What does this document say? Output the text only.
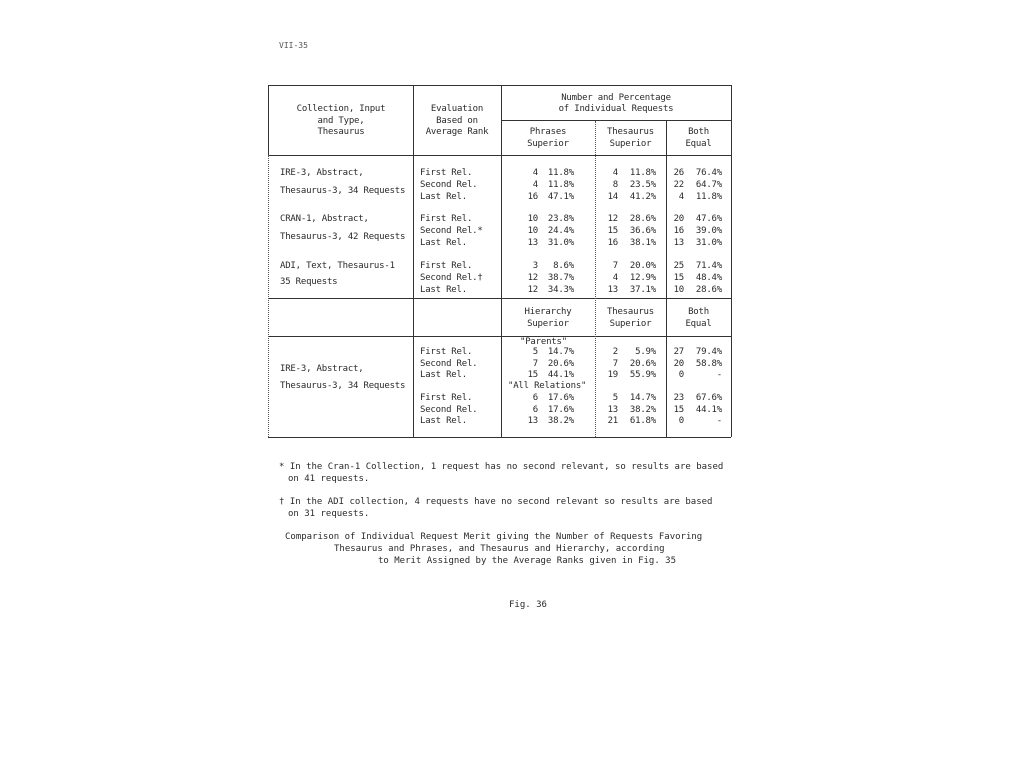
VII-35
Collection, Input
and Type,
Thesaurus
Evaluation
Based on
Average Rank
Number and Percentage
of Individual Requests
Phrases
Superior
Thesaurus
Superior
Both
Equal
IRE-3, Abstract,
Thesaurus-3, 34 Requests
First Rel.	4	11.8%	4	11.8%	26	76.4%
Second Rel.	4	11.8%	8	23.5%	22	64.7%
Last Rel.	16	47.1%	14	41.2%	4	11.8%
CRAN-1, Abstract,
Thesaurus-3, 42 Requests
First Rel.	10	23.8%	12	28.6%	20	47.6%
Second Rel.*	10	24.4%	15	36.6%	16	39.0%
Last Rel.	13	31.0%	16	38.1%	13	31.0%
ADI, Text, Thesaurus-1
35 Requests
First Rel.	3	8.6%	7	20.0%	25	71.4%
Second Rel.†	12	38.7%	4	12.9%	15	48.4%
Last Rel.	12	34.3%	13	37.1%	10	28.6%
Hierarchy
Superior
Thesaurus
Superior
Both
Equal
IRE-3, Abstract,
Thesaurus-3, 34 Requests
"Parents"
First Rel.	5	14.7%	2	5.9%	27	79.4%
Second Rel.	7	20.6%	7	20.6%	20	58.8%
Last Rel.	15	44.1%	19	55.9%	0	-
"All Relations"
First Rel.	6	17.6%	5	14.7%	23	67.6%
Second Rel.	6	17.6%	13	38.2%	15	44.1%
Last Rel.	13	38.2%	21	61.8%	0	-
* In the Cran-1 Collection, 1 request has no second relevant, so results are based
on 41 requests.
† In the ADI collection, 4 requests have no second relevant so results are based
on 31 requests.
Comparison of Individual Request Merit giving the Number of Requests Favoring
Thesaurus and Phrases, and Thesaurus and Hierarchy, according
to Merit Assigned by the Average Ranks given in Fig. 35
Fig. 36
